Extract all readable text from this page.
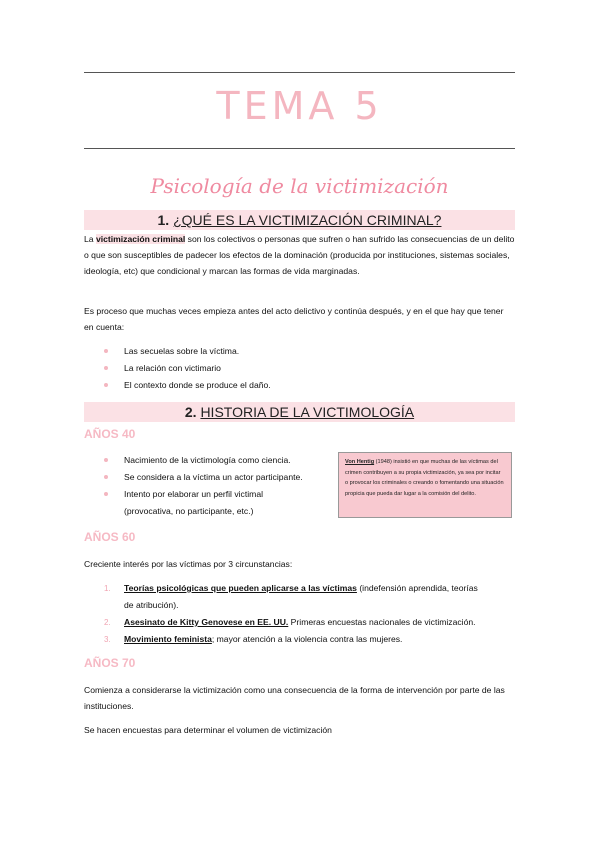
TEMA 5
Psicología de la victimización
1. ¿QUÉ ES LA VICTIMIZACIÓN CRIMINAL?
La victimización criminal son los colectivos o personas que sufren o han sufrido las consecuencias de un delito o que son susceptibles de padecer los efectos de la dominación (producida por instituciones, sistemas sociales, ideología, etc) que condicional y marcan las formas de vida marginadas.
Es proceso que muchas veces empieza antes del acto delictivo y continúa después, y en el que hay que tener en cuenta:
Las secuelas sobre la víctima.
La relación con victimario
El contexto donde se produce el daño.
2. HISTORIA DE LA VICTIMOLOGÍA
AÑOS 40
Nacimiento de la victimología como ciencia.
Se considera a la víctima un actor participante.
Intento por elaborar un perfil victimal
(provocativa, no participante, etc.)
Von Hentig (1948) insistió en que muchas de las víctimas del crimen contribuyen a su propia victimización, ya sea por incitar o provocar los criminales o creando o fomentando una situación propicia que pueda dar lugar a la comisión del delito.
AÑOS 60
Creciente interés por las víctimas por 3 circunstancias:
1. Teorías psicológicas que pueden aplicarse a las víctimas (indefensión aprendida, teorías
de atribución).
2. Asesinato de Kitty Genovese en EE. UU. Primeras encuestas nacionales de victimización.
3. Movimiento feminista; mayor atención a la violencia contra las mujeres.
AÑOS 70
Comienza a considerarse la victimización como una consecuencia de la forma de intervención por parte de las instituciones.
Se hacen encuestas para determinar el volumen de victimización
